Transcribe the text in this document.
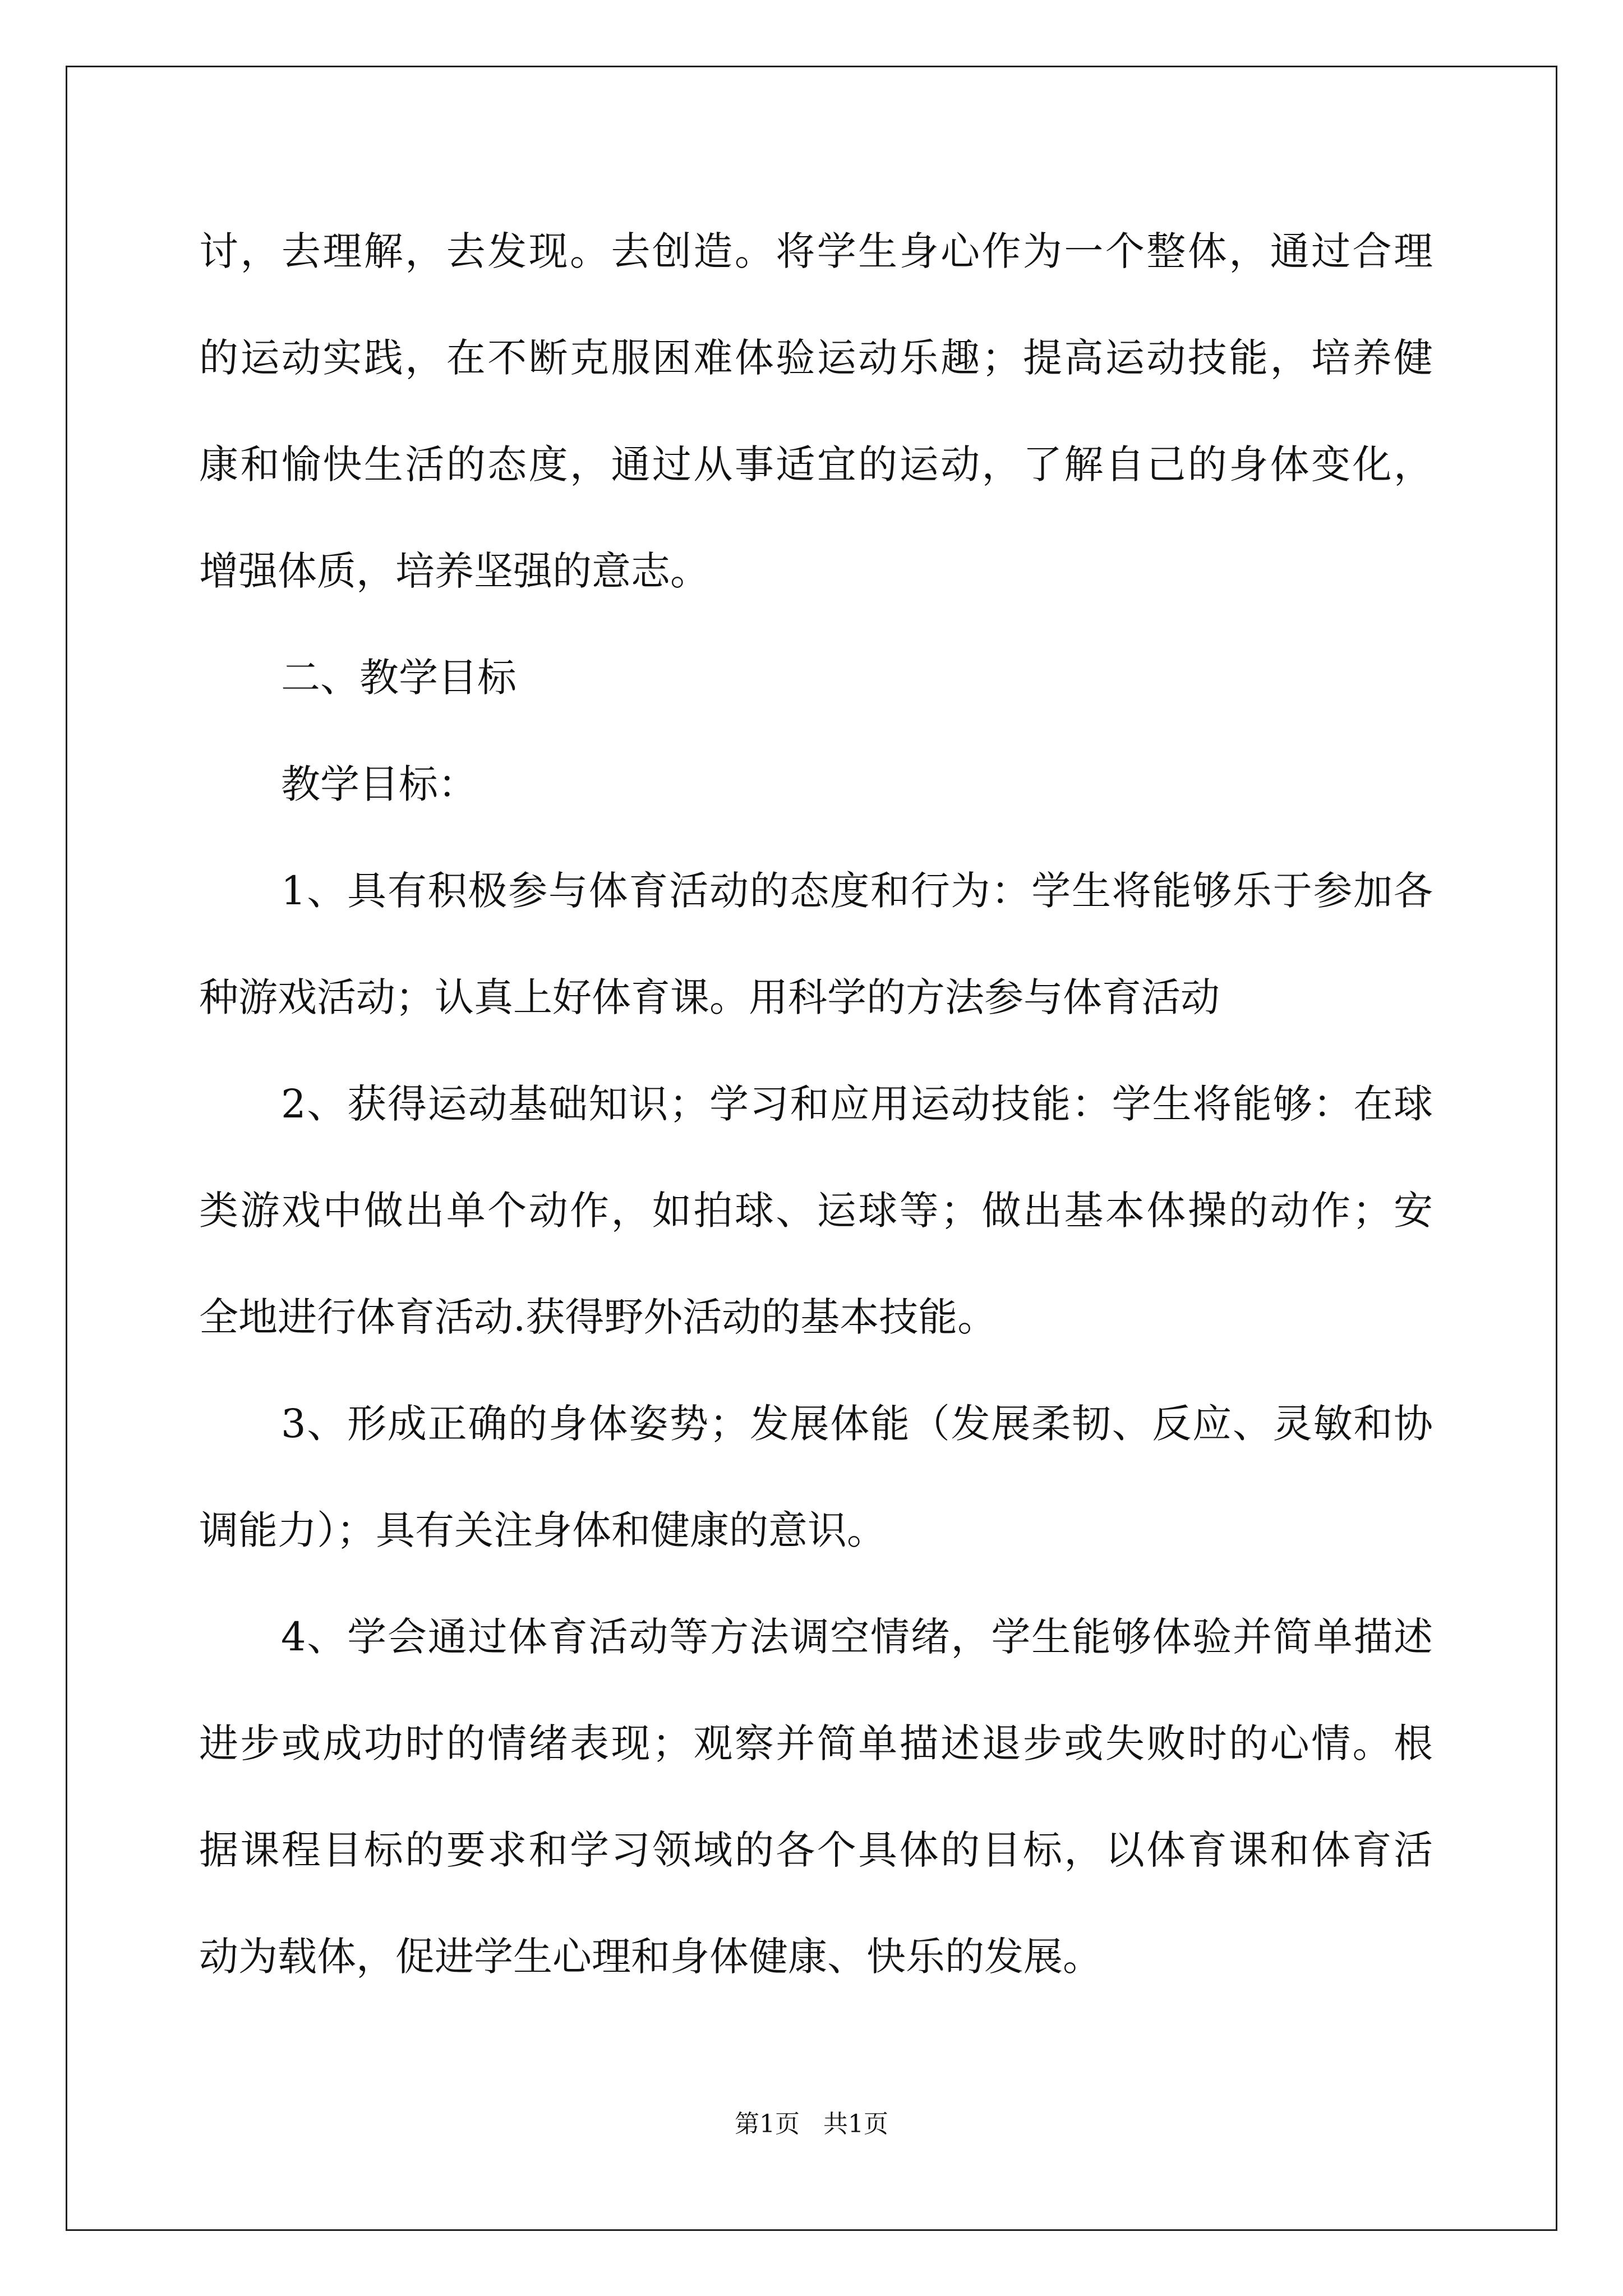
讨，去理解，去发现。去创造。将学生身心作为一个整体，通过合理
的运动实践，在不断克服困难体验运动乐趣；提高运动技能，培养健
康和愉快生活的态度，通过从事适宜的运动，了解自己的身体变化，
增强体质，培养坚强的意志。
二、教学目标
教学目标：
1、具有积极参与体育活动的态度和行为：学生将能够乐于参加各
种游戏活动；认真上好体育课。用科学的方法参与体育活动
2、获得运动基础知识；学习和应用运动技能：学生将能够：在球
类游戏中做出单个动作，如拍球、运球等；做出基本体操的动作；安
全地进行体育活动.获得野外活动的基本技能。
3、形成正确的身体姿势；发展体能（发展柔韧、反应、灵敏和协
调能力）；具有关注身体和健康的意识。
4、学会通过体育活动等方法调空情绪，学生能够体验并简单描述
进步或成功时的情绪表现；观察并简单描述退步或失败时的心情。根
据课程目标的要求和学习领域的各个具体的目标，以体育课和体育活
动为载体，促进学生心理和身体健康、快乐的发展。
第1页   共1页
